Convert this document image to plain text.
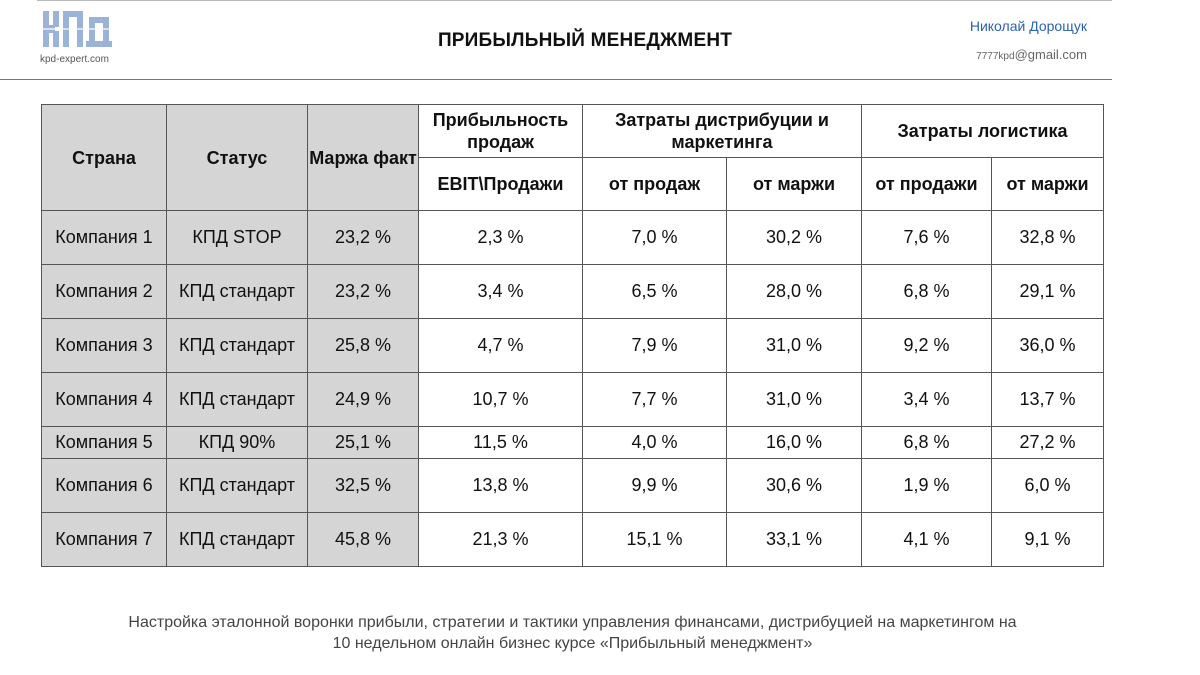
kpd-expert.com
ПРИБЫЛЬНЫЙ МЕНЕДЖМЕНТ
Николай Дорощук
7777kpd@gmail.com
Страна	Статус	Маржа факт	Прибыльность продаж	Затраты дистрибуции и маркетинга		Затраты логистика	
			EBIT\Продажи	от продаж	от маржи	от продажи	от маржи
Компания 1	КПД STOP	23,2 %	2,3 %	7,0 %	30,2 %	7,6 %	32,8 %
Компания 2	КПД стандарт	23,2 %	3,4 %	6,5 %	28,0 %	6,8 %	29,1 %
Компания 3	КПД стандарт	25,8 %	4,7 %	7,9 %	31,0 %	9,2 %	36,0 %
Компания 4	КПД стандарт	24,9 %	10,7 %	7,7 %	31,0 %	3,4 %	13,7 %
Компания 5	КПД 90%	25,1 %	11,5 %	4,0 %	16,0 %	6,8 %	27,2 %
Компания 6	КПД стандарт	32,5 %	13,8 %	9,9 %	30,6 %	1,9 %	6,0 %
Компания 7	КПД стандарт	45,8 %	21,3 %	15,1 %	33,1 %	4,1 %	9,1 %
Настройка эталонной воронки прибыли, стратегии и тактики управления финансами, дистрибуцией на маркетингом на
10 недельном онлайн бизнес курсе «Прибыльный менеджмент»
